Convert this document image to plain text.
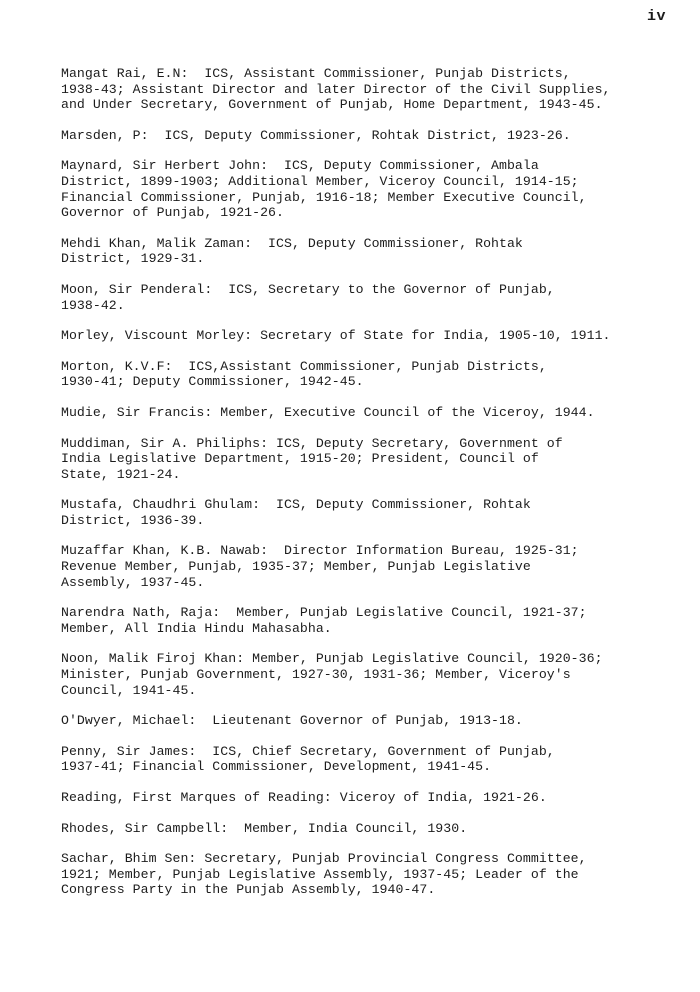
iv

Mangat Rai, E.N:  ICS, Assistant Commissioner, Punjab Districts,
1938-43; Assistant Director and later Director of the Civil Supplies,
and Under Secretary, Government of Punjab, Home Department, 1943-45.

Marsden, P:  ICS, Deputy Commissioner, Rohtak District, 1923-26.

Maynard, Sir Herbert John:  ICS, Deputy Commissioner, Ambala
District, 1899-1903; Additional Member, Viceroy Council, 1914-15;
Financial Commissioner, Punjab, 1916-18; Member Executive Council,
Governor of Punjab, 1921-26.

Mehdi Khan, Malik Zaman:  ICS, Deputy Commissioner, Rohtak
District, 1929-31.

Moon, Sir Penderal:  ICS, Secretary to the Governor of Punjab,
1938-42.

Morley, Viscount Morley: Secretary of State for India, 1905-10, 1911.

Morton, K.V.F:  ICS,Assistant Commissioner, Punjab Districts,
1930-41; Deputy Commissioner, 1942-45.

Mudie, Sir Francis: Member, Executive Council of the Viceroy, 1944.

Muddiman, Sir A. Philiphs: ICS, Deputy Secretary, Government of
India Legislative Department, 1915-20; President, Council of
State, 1921-24.

Mustafa, Chaudhri Ghulam:  ICS, Deputy Commissioner, Rohtak
District, 1936-39.

Muzaffar Khan, K.B. Nawab:  Director Information Bureau, 1925-31;
Revenue Member, Punjab, 1935-37; Member, Punjab Legislative
Assembly, 1937-45.

Narendra Nath, Raja:  Member, Punjab Legislative Council, 1921-37;
Member, All India Hindu Mahasabha.

Noon, Malik Firoj Khan: Member, Punjab Legislative Council, 1920-36;
Minister, Punjab Government, 1927-30, 1931-36; Member, Viceroy's
Council, 1941-45.

O'Dwyer, Michael:  Lieutenant Governor of Punjab, 1913-18.

Penny, Sir James:  ICS, Chief Secretary, Government of Punjab,
1937-41; Financial Commissioner, Development, 1941-45.

Reading, First Marques of Reading: Viceroy of India, 1921-26.

Rhodes, Sir Campbell:  Member, India Council, 1930.

Sachar, Bhim Sen: Secretary, Punjab Provincial Congress Committee,
1921; Member, Punjab Legislative Assembly, 1937-45; Leader of the
Congress Party in the Punjab Assembly, 1940-47.
